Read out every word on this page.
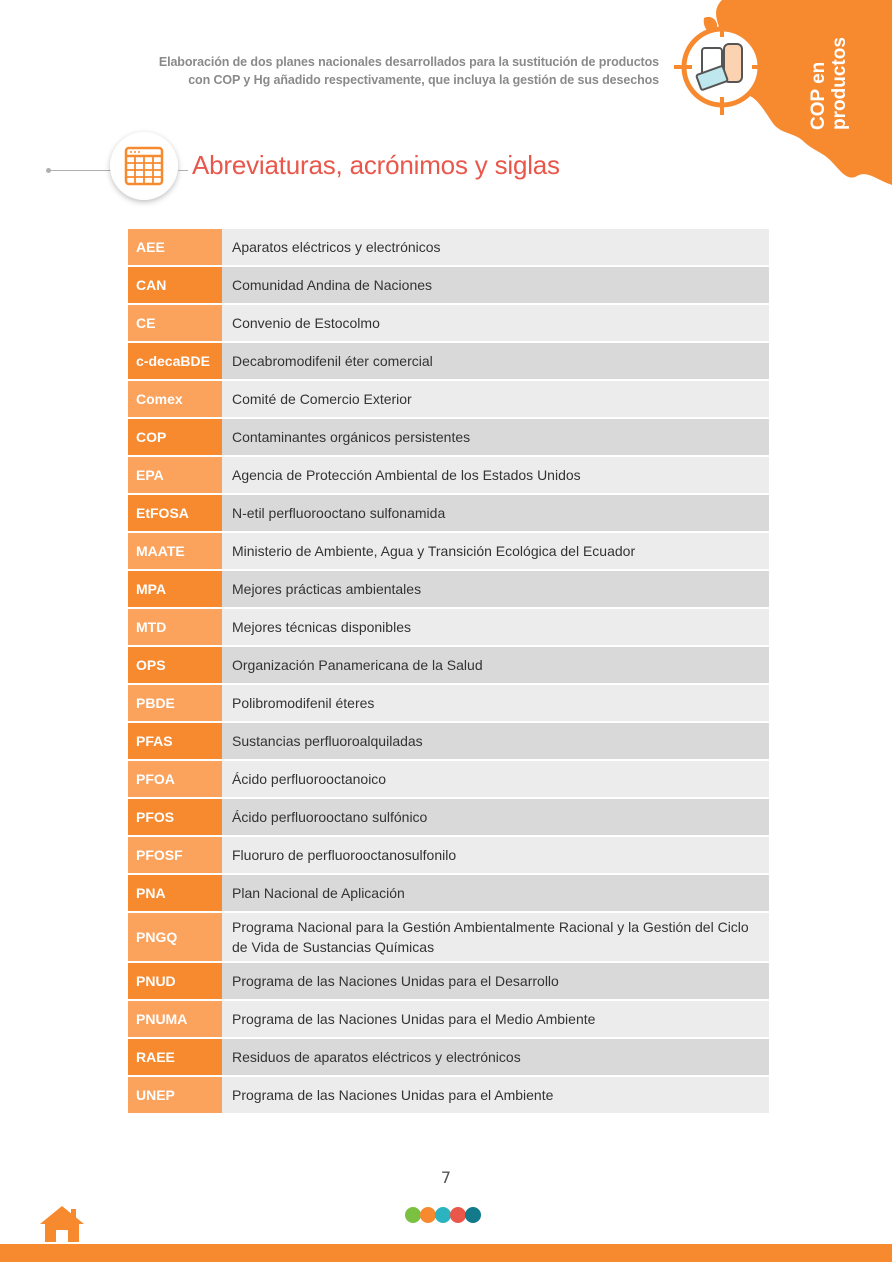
Elaboración de dos planes nacionales desarrollados para la sustitución de productos
con COP y Hg añadido respectivamente, que incluya la gestión de sus desechos	COP en productos
Abreviaturas, acrónimos y siglas
AEE	Aparatos eléctricos y electrónicos
CAN	Comunidad Andina de Naciones
CE	Convenio de Estocolmo
c-decaBDE	Decabromodifenil éter comercial
Comex	Comité de Comercio Exterior
COP	Contaminantes orgánicos persistentes
EPA	Agencia de Protección Ambiental de los Estados Unidos
EtFOSA	N-etil perfluorooctano sulfonamida
MAATE	Ministerio de Ambiente, Agua y Transición Ecológica del Ecuador
MPA	Mejores prácticas ambientales
MTD	Mejores técnicas disponibles
OPS	Organización Panamericana de la Salud
PBDE	Polibromodifenil éteres
PFAS	Sustancias perfluoroalquiladas
PFOA	Ácido perfluorooctanoico
PFOS	Ácido perfluorooctano sulfónico
PFOSF	Fluoruro de perfluorooctanosulfonilo
PNA	Plan Nacional de Aplicación
PNGQ	Programa Nacional para la Gestión Ambientalmente Racional y la Gestión del Ciclo de Vida de Sustancias Químicas
PNUD	Programa de las Naciones Unidas para el Desarrollo
PNUMA	Programa de las Naciones Unidas para el Medio Ambiente
RAEE	Residuos de aparatos eléctricos y electrónicos
UNEP	Programa de las Naciones Unidas para el Ambiente
7
